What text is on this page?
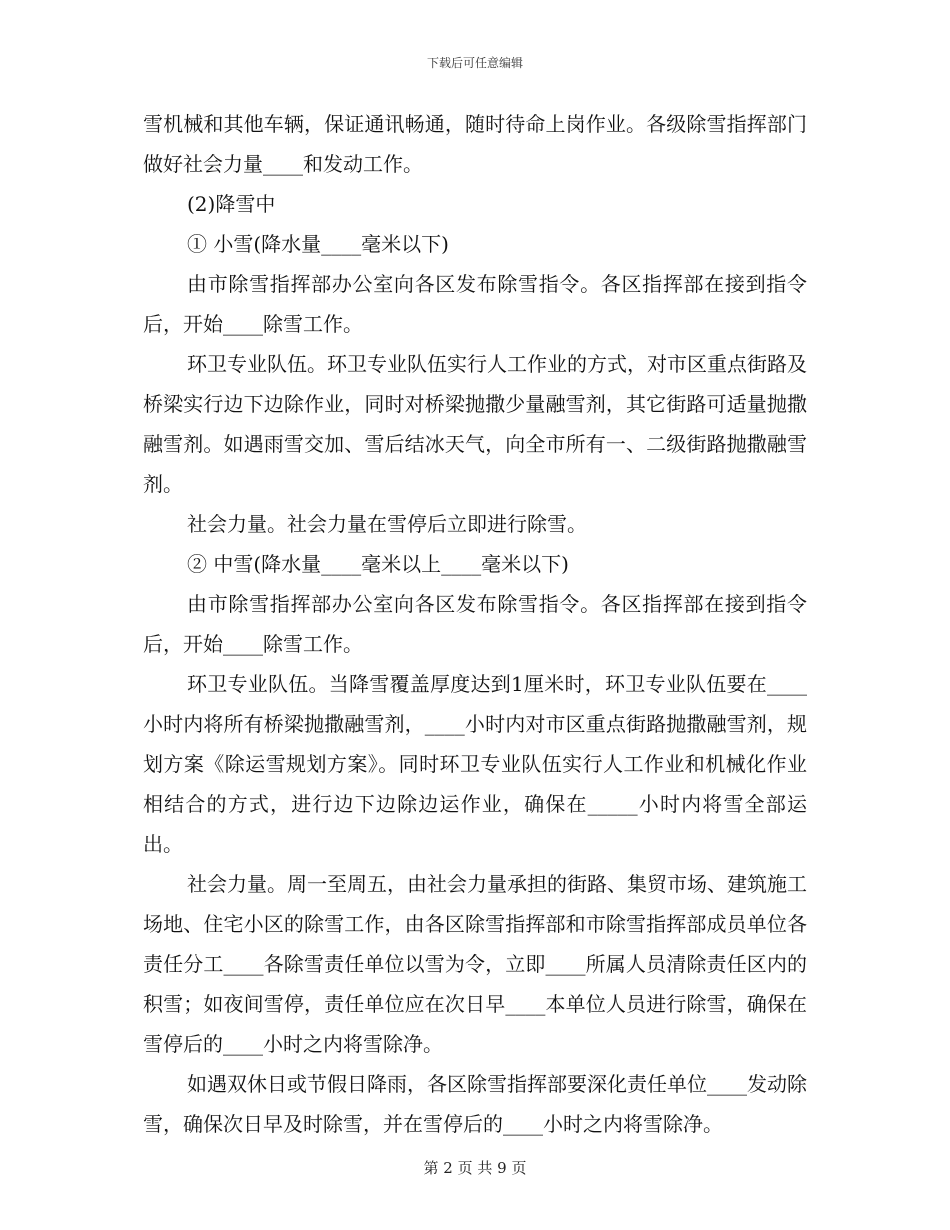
下载后可任意编辑

雪机械和其他车辆，保证通讯畅通，随时待命上岗作业。各级除雪指挥部门做好社会力量____和发动工作。

(2)降雪中

① 小雪(降水量____毫米以下)

由市除雪指挥部办公室向各区发布除雪指令。各区指挥部在接到指令后，开始____除雪工作。

环卫专业队伍。环卫专业队伍实行人工作业的方式，对市区重点街路及桥梁实行边下边除作业，同时对桥梁抛撒少量融雪剂，其它街路可适量抛撒融雪剂。如遇雨雪交加、雪后结冰天气，向全市所有一、二级街路抛撒融雪剂。

社会力量。社会力量在雪停后立即进行除雪。

② 中雪(降水量____毫米以上____毫米以下)

由市除雪指挥部办公室向各区发布除雪指令。各区指挥部在接到指令后，开始____除雪工作。

环卫专业队伍。当降雪覆盖厚度达到1厘米时，环卫专业队伍要在____小时内将所有桥梁抛撒融雪剂，____小时内对市区重点街路抛撒融雪剂，规划方案《除运雪规划方案》。同时环卫专业队伍实行人工作业和机械化作业相结合的方式，进行边下边除边运作业，确保在_____小时内将雪全部运出。

社会力量。周一至周五，由社会力量承担的街路、集贸市场、建筑施工场地、住宅小区的除雪工作，由各区除雪指挥部和市除雪指挥部成员单位各责任分工____各除雪责任单位以雪为令，立即____所属人员清除责任区内的积雪；如夜间雪停，责任单位应在次日早____本单位人员进行除雪，确保在雪停后的____小时之内将雪除净。

如遇双休日或节假日降雨，各区除雪指挥部要深化责任单位____发动除雪，确保次日早及时除雪，并在雪停后的____小时之内将雪除净。

第 2 页 共 9 页
